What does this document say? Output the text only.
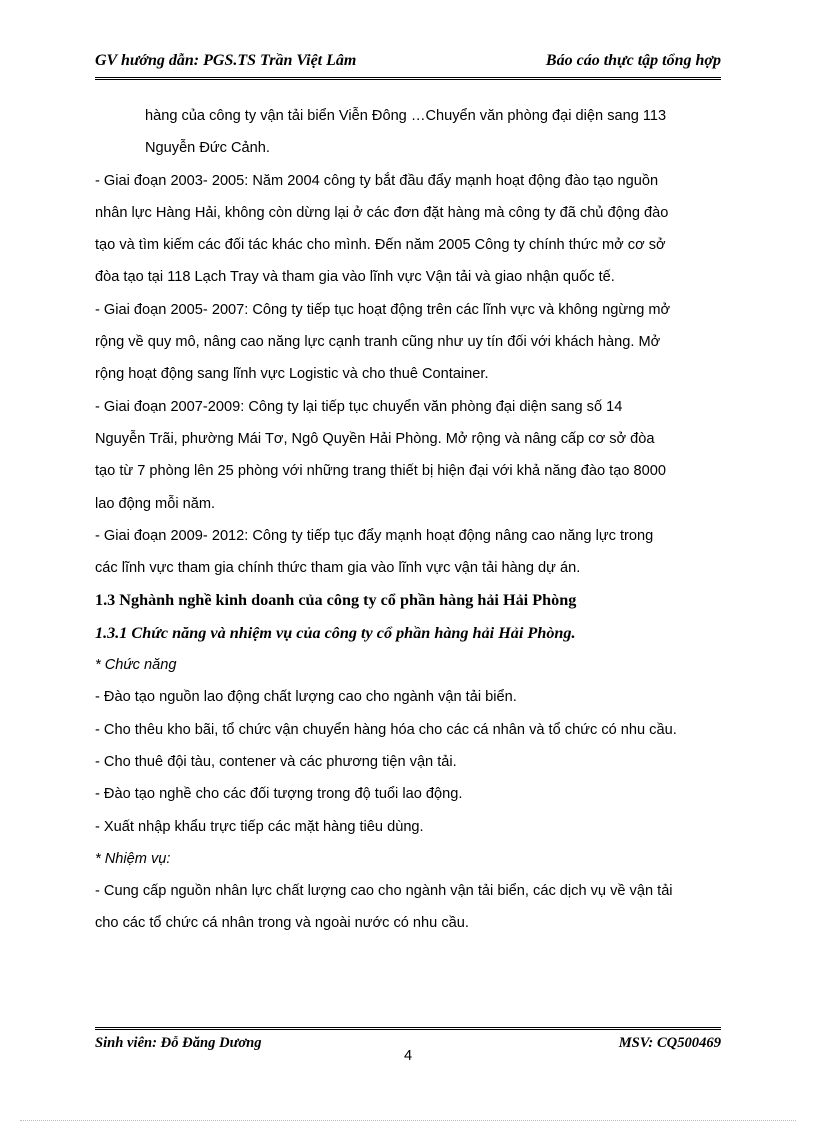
GV hướng dẫn: PGS.TS Trần Việt Lâm	Báo cáo thực tập tổng hợp
hàng của công ty vận tải biển Viễn Đông …Chuyển văn phòng đại diện sang 113
Nguyễn Đức Cảnh.
- Giai đoạn 2003- 2005: Năm 2004 công ty bắt đầu đẩy mạnh hoạt động đào tạo nguồn
nhân lực Hàng Hải, không còn dừng lại ở các đơn đặt hàng mà công ty đã chủ động đào
tạo và tìm kiếm các đối tác khác cho mình. Đến năm 2005 Công ty chính thức mở cơ sở
đòa tạo tại 118 Lạch Tray và tham gia vào lĩnh vực Vận tải và giao nhận quốc tế.
- Giai đoạn 2005- 2007: Công ty tiếp tục hoạt động trên các lĩnh vực và không ngừng mở
rộng về quy mô, nâng cao năng lực cạnh tranh cũng như uy tín đối với khách hàng. Mở
rộng hoạt động sang lĩnh vực Logistic và cho thuê Container.
- Giai đoạn 2007-2009: Công ty lại tiếp tục chuyển văn phòng đại diện sang số 14
Nguyễn Trãi, phường Mái Tơ, Ngô Quyền Hải Phòng. Mở rộng và nâng cấp cơ sở đòa
tạo từ 7 phòng lên 25 phòng với những trang thiết bị hiện đại với khả năng đào tạo 8000
lao động mỗi năm.
- Giai đoạn 2009- 2012: Công ty tiếp tục đẩy mạnh hoạt động nâng cao năng lực trong
các lĩnh vực tham gia chính thức tham gia vào lĩnh vực vận tải hàng dự án.
1.3 Nghành nghề kinh doanh của công ty cổ phần hàng hải Hải Phòng
1.3.1 Chức năng và nhiệm vụ của công ty cổ phần hàng hải Hải Phòng.
* Chức năng
- Đào tạo nguồn lao động chất lượng cao cho ngành vận tải biển.
- Cho thêu kho bãi, tổ chức vận chuyển hàng hóa cho các cá nhân và tổ chức có nhu cầu.
- Cho thuê đội tàu, contener và các phương tiện vận tải.
- Đào tạo nghề cho các đối tượng trong độ tuổi lao động.
- Xuất nhập khẩu trực tiếp các mặt hàng tiêu dùng.
* Nhiệm vụ:
- Cung cấp nguồn nhân lực chất lượng cao cho ngành vận tải biển, các dịch vụ về vận tải
cho các tổ chức cá nhân trong và ngoài nước có nhu cầu.
Sinh viên: Đỗ Đăng Dương	MSV: CQ500469
4
